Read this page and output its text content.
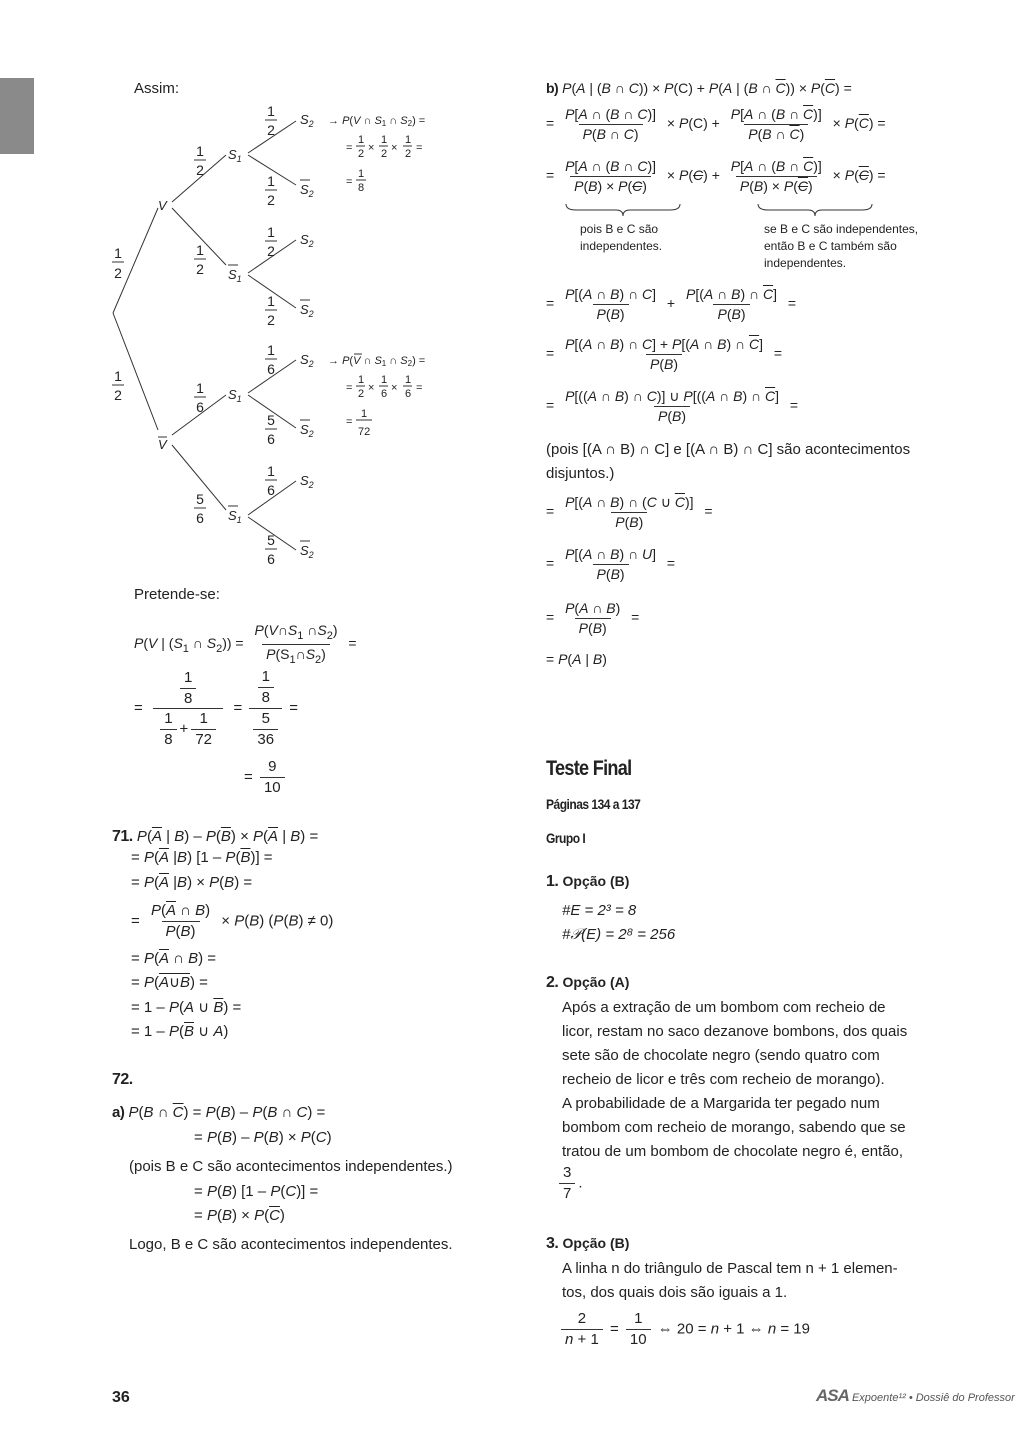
Assim:
1
2
1
2
1
2
1
2
1
6
5
6
1
2
1
2
1
2
1
2
1
6
5
6
1
6
5
6
V
V
$S_1$
$S_1$
$S_1$
$S_1$
$S_2$
$S_2$
$S_2$
$S_2$
$S_2$
$S_2$
$S_2$
$S_2$
→ P(V ∩ S1 ∩ S2) =
=
1
2 ×
1
2 ×
1
2 =
=
1
8
→ P(V ∩ S1 ∩ S2) =
=
1
2 ×
1
6 ×
1
6 =
=
1
72
Pretende-se:
P(V | ($S_1$ ∩ $S_2)) = \frac{P(V\cap S_1 \cap S_2)}{P(S_1\cap S_2)}$ =
= $\frac{\frac{1}{8}}{\frac{1}{8} + \frac{1}{72}} = \frac{\frac{1}{8}}{\frac{5}{36}}$ =
= $\frac{9}{10}$
71. $P(\overline{A}$ | $B) - P(\overline{B}) \times P(\overline{A}$ | B) =
= $P(\overline{A}$ |B) $[1 - P(\overline{B})]$ =
= $P(\overline{A}$ |B) × P(B) =
= $\frac{P(\overline{A} \cap B)}{P(B)} \times P(B) (P(B) \ne 0)$
= $P(\overline{A}$ ∩ B) =
= P(A∪B) =
= 1 – P(A ∪ $\overline{B}$) =
= $1 - P(\overline{B}$ ∪ A)
72.
a) P(B ∩ $\overline{C}) = P(B) - P(B$ ∩ C) =
= P(B) – P(B) × P(C)
(pois B e C são acontecimentos independentes.)
= P(B) [1 – P(C)] =
= $P(B) \times P(\overline{C})$
Logo, B e C são acontecimentos independentes.
36
b) P(A | (B ∩ C)) × P(C) + P(A | (B ∩ $\overline{C})) \times P(\overline{C})$ =
= $\frac{P[A \cap (B \cap C)]}{P(B \cap C)} \times P(C) + \frac{P[A \cap (B \cap \overline{C})]}{P(B \cap \overline{C})} \times P(\overline{C})$ =
= $\frac{P[A \cap (B \cap C)]}{P(B) \times P(C)} \times P(C) + \frac{P[A \cap (B \cap \overline{C})]}{P(B) \times P(C)} \times P(C)$ =
pois B e C são independentes.
se B e C são independentes, então B e C também são independentes.
= $\frac{P[(A \cap B) \cap C]}{P(B)} + \frac{P[(A \cap B) \cap \overline{C}]}{P(B)}$ =
= $\frac{P[(A \cap B) \cap C] + P[(A \cap B) \cap \overline{C}]}{P(B)}$ =
= $\frac{P[((A \cap B) \cap C)] \cup P[((A \cap B) \cap \overline{C}]}{P(B)}$ =
(pois [(A ∩ B) ∩ C] e [(A ∩ B) ∩ C] são acontecimentos disjuntos.)
= $\frac{P[(A \cap B) \cap (C \cup \overline{C})]}{P(B)}$ =
= $\frac{P[(A \cap B) \cap U]}{P(B)}$ =
= $\frac{P(A \cap B)}{P(B)}$ =
= P(A | B)
Teste Final
Páginas 134 a 137
Grupo I
1. Opção (B)
#E = 2³ = 8
#𝒫(E) = 2⁸ = 256
2. Opção (A)
Após a extração de um bombom com recheio de
licor, restam no saco dezanove bombons, dos quais
sete são de chocolate negro (sendo quatro com
recheio de licor e três com recheio de morango).
A probabilidade de a Margarida ter pegado num
bombom com recheio de morango, sabendo que se
tratou de um bombom de chocolate negro é, então,
$\frac{3}{7}$ .
3. Opção (B)
A linha n do triângulo de Pascal tem n + 1 elemen-
tos, dos quais dois são iguais a 1.
$\frac{2}{n + 1} = \frac{1}{10}$ ⇔ 20 = n + 1 ⇔ n = 19
ASA Expoente¹² • Dossiê do Professor
